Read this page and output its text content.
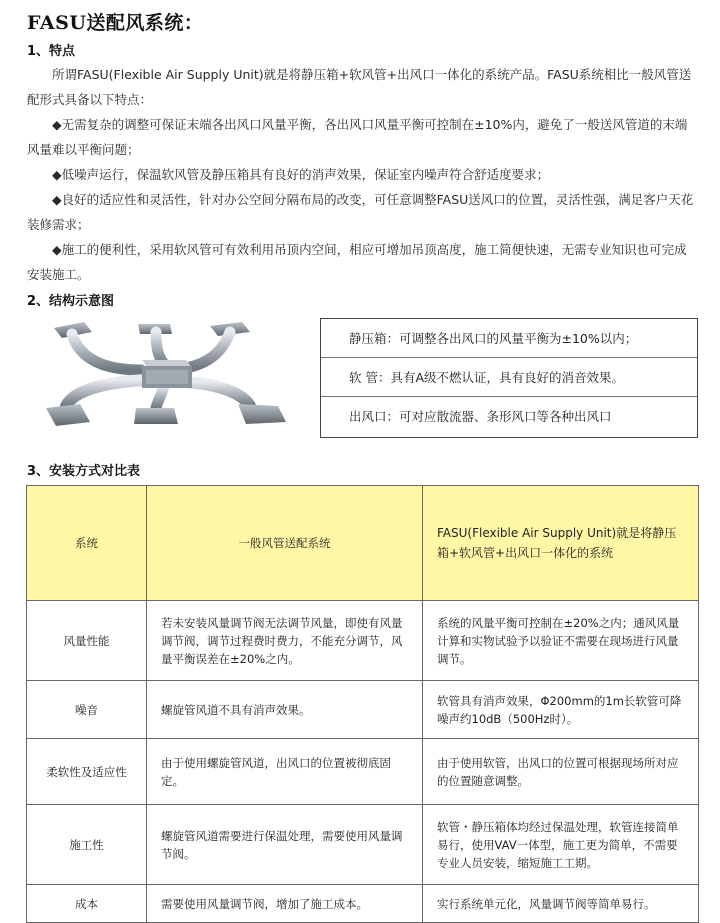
FASU送配风系统：
1、特点

所谓FASU(Flexible Air Supply Unit)就是将静压箱+软风管+出风口一体化的系统产品。FASU系统相比一般风管送配形式具备以下特点：

◆无需复杂的调整可保证末端各出风口风量平衡，各出风口风量平衡可控制在±10%内，避免了一般送风管道的末端风量难以平衡问题；

◆低噪声运行，保温软风管及静压箱具有良好的消声效果，保证室内噪声符合舒适度要求；

◆良好的适应性和灵活性，针对办公空间分隔布局的改变，可任意调整FASU送风口的位置，灵活性强，满足客户天花装修需求；

◆施工的便利性，采用软风管可有效利用吊顶内空间，相应可增加吊顶高度，施工简便快速，无需专业知识也可完成安装施工。

2、结构示意图
静压箱：可调整各出风口的风量平衡为±10%以内；
软 管：具有A级不燃认证，具有良好的消音效果。
出风口：可对应散流器、条形风口等各种出风口
3、安装方式对比表
系统	一般风管送配系统	FASU(Flexible Air Supply Unit)就是将静压箱+软风管+出风口一体化的系统
风量性能	若未安装风量调节阀无法调节风量，即使有风量调节阀，调节过程费时费力，不能充分调节，风量平衡误差在±20%之内。	系统的风量平衡可控制在±20%之内；通风风量计算和实物试验予以验证不需要在现场进行风量调节。
噪音	螺旋管风道不具有消声效果。	软管具有消声效果，Φ200mm的1m长软管可降噪声约10dB（500Hz时）。
柔软性及适应性	由于使用螺旋管风道，出风口的位置被彻底固定。	由于使用软管，出风口的位置可根据现场所对应的位置随意调整。
施工性	螺旋管风道需要进行保温处理，需要使用风量调节阀。	软管・静压箱体均经过保温处理，软管连接简单易行，使用VAV一体型，施工更为简单，不需要专业人员安装，缩短施工工期。
成本	需要使用风量调节阀，增加了施工成本。	实行系统单元化，风量调节阀等简单易行。
